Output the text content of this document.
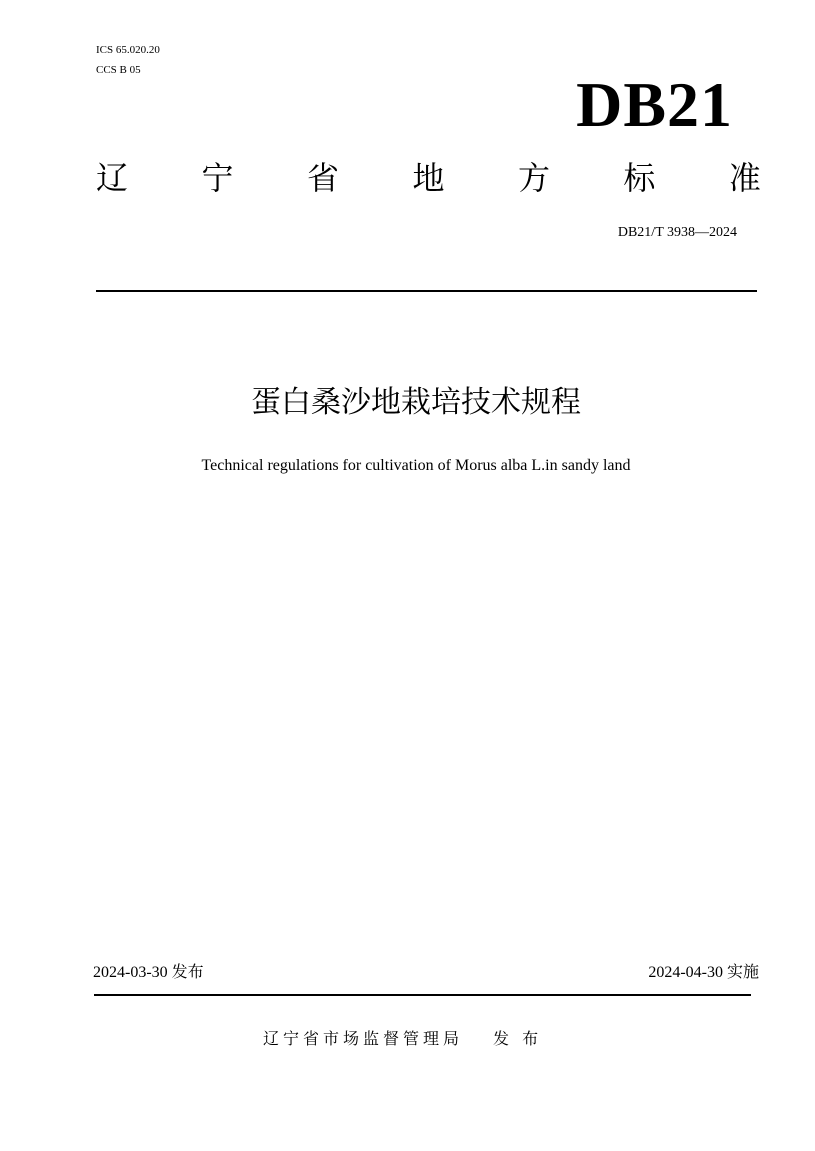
ICS 65.020.20
CCS B 05	DB21
辽 宁 省 地 方 标 准
DB21/T 3938—2024
蛋白桑沙地栽培技术规程
Technical regulations for cultivation of Morus alba L.in sandy land
2024-03-30 发布	2024-04-30 实施
辽宁省市场监督管理局 发 布
